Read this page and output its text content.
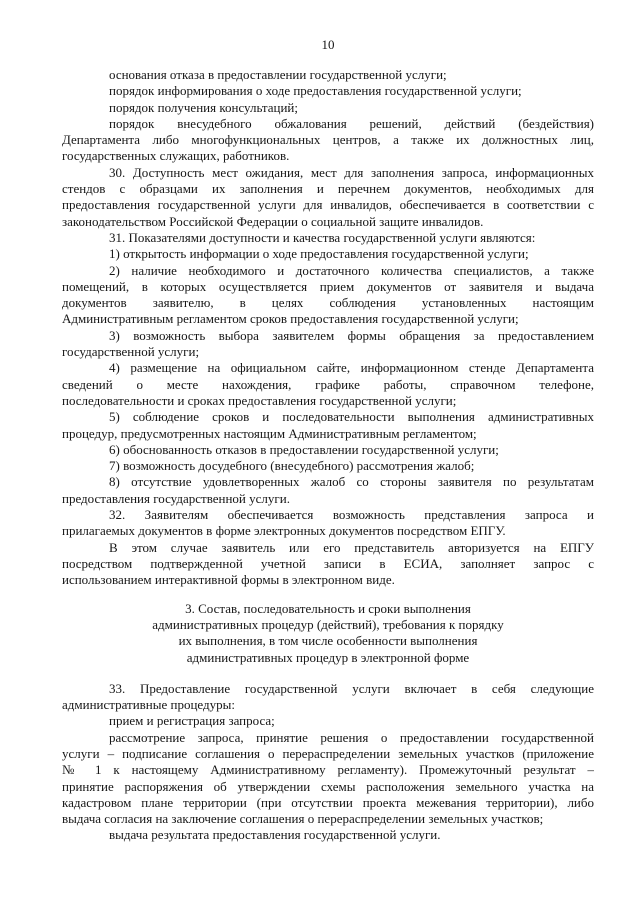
10
основания отказа в предоставлении государственной услуги;
порядок информирования о ходе предоставления государственной услуги;
порядок получения консультаций;
порядок внесудебного обжалования решений, действий (бездействия)
Департамента либо многофункциональных центров, а также их должностных лиц,
государственных служащих, работников.
30. Доступность мест ожидания, мест для заполнения запроса, информационных
стендов с образцами их заполнения и перечнем документов, необходимых для
предоставления государственной услуги для инвалидов, обеспечивается в соответствии с
законодательством Российской Федерации о социальной защите инвалидов.
31. Показателями доступности и качества государственной услуги являются:
1) открытость информации о ходе предоставления государственной услуги;
2) наличие необходимого и достаточного количества специалистов, а также
помещений, в которых осуществляется прием документов от заявителя и выдача
документов заявителю, в целях соблюдения установленных настоящим
Административным регламентом сроков предоставления государственной услуги;
3) возможность выбора заявителем формы обращения за предоставлением
государственной услуги;
4) размещение на официальном сайте, информационном стенде Департамента
сведений о месте нахождения, графике работы, справочном телефоне,
последовательности и сроках предоставления государственной услуги;
5) соблюдение сроков и последовательности выполнения административных
процедур, предусмотренных настоящим Административным регламентом;
6) обоснованность отказов в предоставлении государственной услуги;
7) возможность досудебного (внесудебного) рассмотрения жалоб;
8) отсутствие удовлетворенных жалоб со стороны заявителя по результатам
предоставления государственной услуги.
32. Заявителям обеспечивается возможность представления запроса и
прилагаемых документов в форме электронных документов посредством ЕПГУ.
В этом случае заявитель или его представитель авторизуется на ЕПГУ
посредством подтвержденной учетной записи в ЕСИА, заполняет запрос с
использованием интерактивной формы в электронном виде.
3. Состав, последовательность и сроки выполнения
административных процедур (действий), требования к порядку
их выполнения, в том числе особенности выполнения
административных процедур в электронной форме
33. Предоставление государственной услуги включает в себя следующие
административные процедуры:
прием и регистрация запроса;
рассмотрение запроса, принятие решения о предоставлении государственной
услуги – подписание соглашения о перераспределении земельных участков (приложение
№ 1 к настоящему Административному регламенту). Промежуточный результат –
принятие распоряжения об утверждении схемы расположения земельного участка на
кадастровом плане территории (при отсутствии проекта межевания территории), либо
выдача согласия на заключение соглашения о перераспределении земельных участков;
выдача результата предоставления государственной услуги.
